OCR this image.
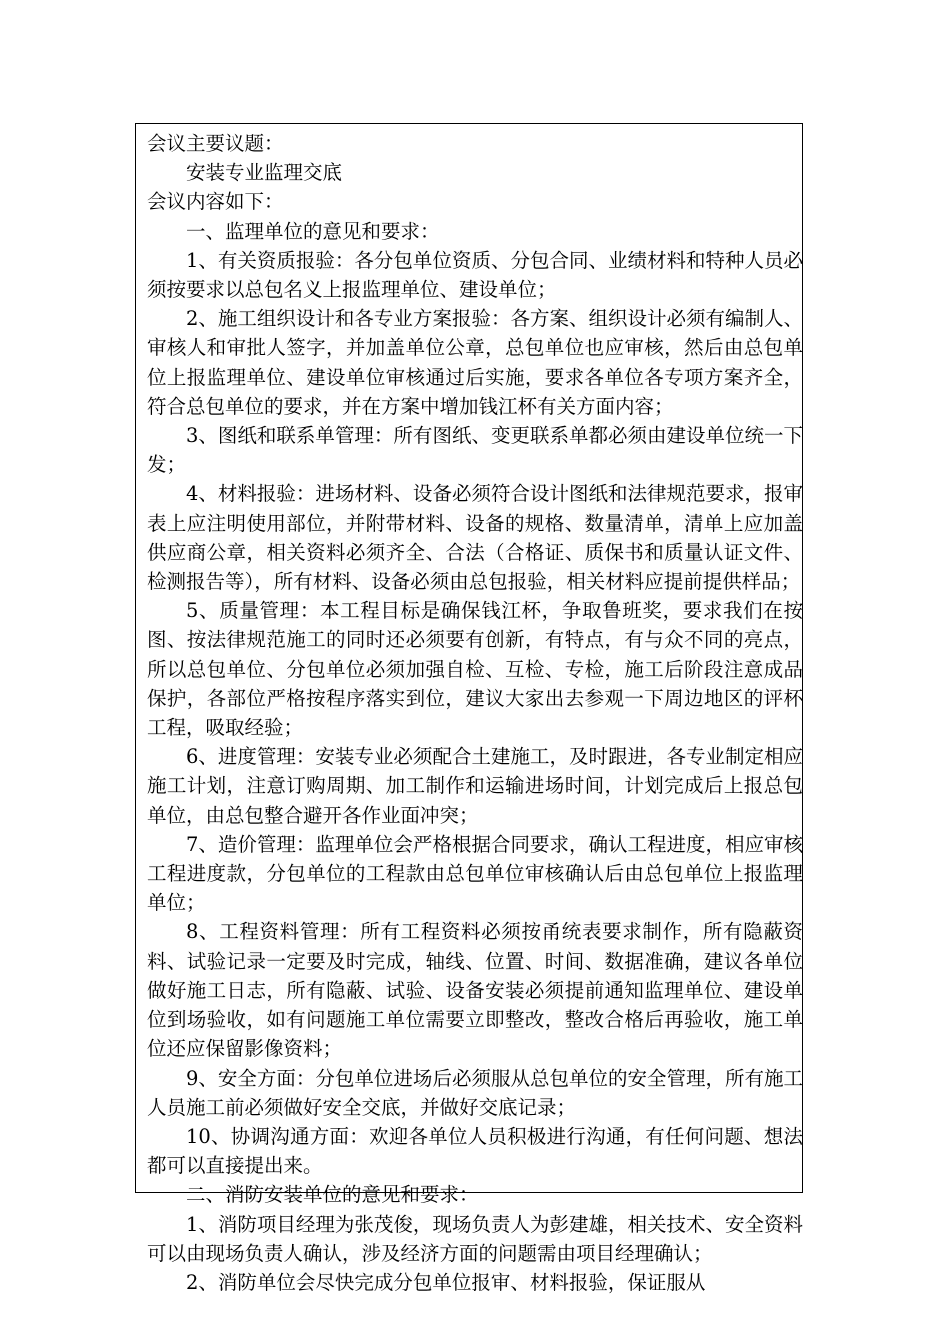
会议主要议题：

安装专业监理交底

会议内容如下：

一、监理单位的意见和要求：

1、有关资质报验：各分包单位资质、分包合同、业绩材料和特种人员必须按要求以总包名义上报监理单位、建设单位；

2、施工组织设计和各专业方案报验：各方案、组织设计必须有编制人、审核人和审批人签字，并加盖单位公章，总包单位也应审核，然后由总包单位上报监理单位、建设单位审核通过后实施，要求各单位各专项方案齐全，符合总包单位的要求，并在方案中增加钱江杯有关方面内容；

3、图纸和联系单管理：所有图纸、变更联系单都必须由建设单位统一下发；

4、材料报验：进场材料、设备必须符合设计图纸和法律规范要求，报审表上应注明使用部位，并附带材料、设备的规格、数量清单，清单上应加盖供应商公章，相关资料必须齐全、合法（合格证、质保书和质量认证文件、检测报告等），所有材料、设备必须由总包报验，相关材料应提前提供样品；

5、质量管理：本工程目标是确保钱江杯，争取鲁班奖，要求我们在按图、按法律规范施工的同时还必须要有创新，有特点，有与众不同的亮点，所以总包单位、分包单位必须加强自检、互检、专检，施工后阶段注意成品保护，各部位严格按程序落实到位，建议大家出去参观一下周边地区的评杯工程，吸取经验；

6、进度管理：安装专业必须配合土建施工，及时跟进，各专业制定相应施工计划，注意订购周期、加工制作和运输进场时间，计划完成后上报总包单位，由总包整合避开各作业面冲突；

7、造价管理：监理单位会严格根据合同要求，确认工程进度，相应审核工程进度款，分包单位的工程款由总包单位审核确认后由总包单位上报监理单位；

8、工程资料管理：所有工程资料必须按甬统表要求制作，所有隐蔽资料、试验记录一定要及时完成，轴线、位置、时间、数据准确，建议各单位做好施工日志，所有隐蔽、试验、设备安装必须提前通知监理单位、建设单位到场验收，如有问题施工单位需要立即整改，整改合格后再验收，施工单位还应保留影像资料；

9、安全方面：分包单位进场后必须服从总包单位的安全管理，所有施工人员施工前必须做好安全交底，并做好交底记录；

10、协调沟通方面：欢迎各单位人员积极进行沟通，有任何问题、想法都可以直接提出来。

二、消防安装单位的意见和要求：

1、消防项目经理为张茂俊，现场负责人为彭建雄，相关技术、安全资料可以由现场负责人确认，涉及经济方面的问题需由项目经理确认；

2、消防单位会尽快完成分包单位报审、材料报验，保证服从
